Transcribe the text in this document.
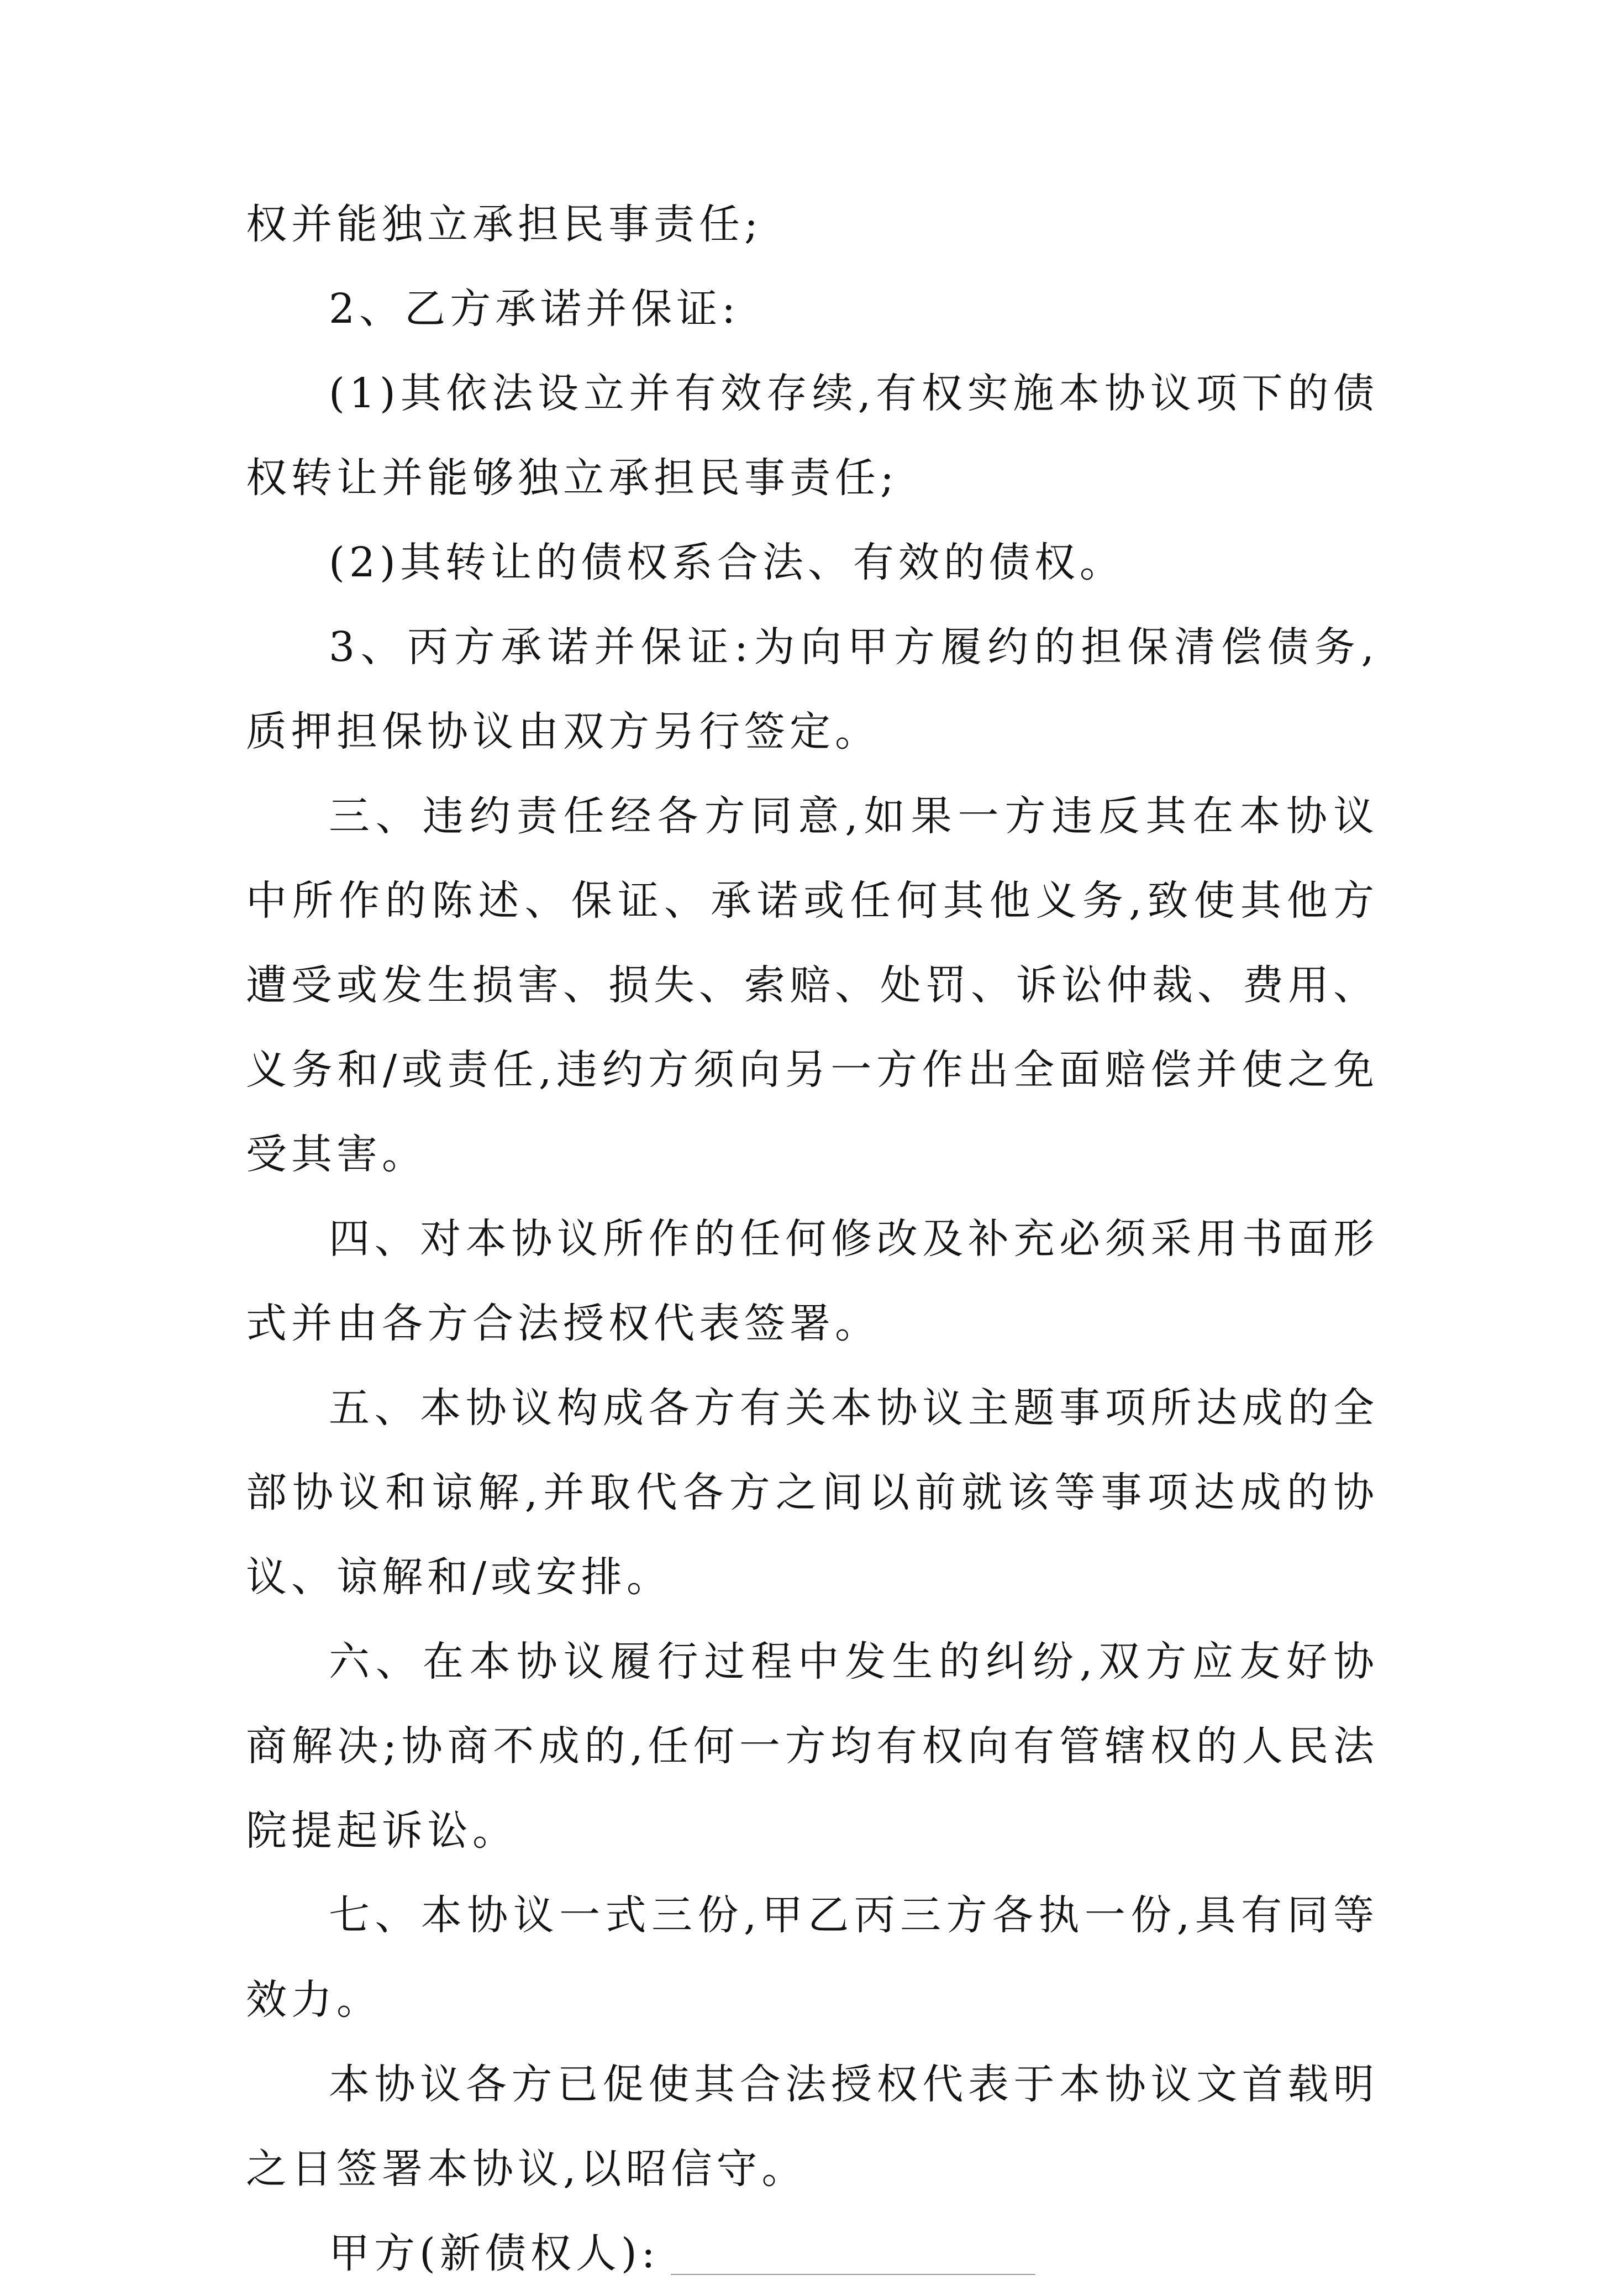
权并能独立承担民事责任;

2、乙方承诺并保证:

(1)其依法设立并有效存续,有权实施本协议项下的债权转让并能够独立承担民事责任;

(2)其转让的债权系合法、有效的债权。

3、丙方承诺并保证:为向甲方履约的担保清偿债务,质押担保协议由双方另行签定。

三、违约责任经各方同意,如果一方违反其在本协议中所作的陈述、保证、承诺或任何其他义务,致使其他方遭受或发生损害、损失、索赔、处罚、诉讼仲裁、费用、义务和/或责任,违约方须向另一方作出全面赔偿并使之免受其害。

四、对本协议所作的任何修改及补充必须采用书面形式并由各方合法授权代表签署。

五、本协议构成各方有关本协议主题事项所达成的全部协议和谅解,并取代各方之间以前就该等事项达成的协议、谅解和/或安排。

六、在本协议履行过程中发生的纠纷,双方应友好协商解决;协商不成的,任何一方均有权向有管辖权的人民法院提起诉讼。

七、本协议一式三份,甲乙丙三方各执一份,具有同等效力。

本协议各方已促使其合法授权代表于本协议文首载明之日签署本协议,以昭信守。

甲方(新债权人):
